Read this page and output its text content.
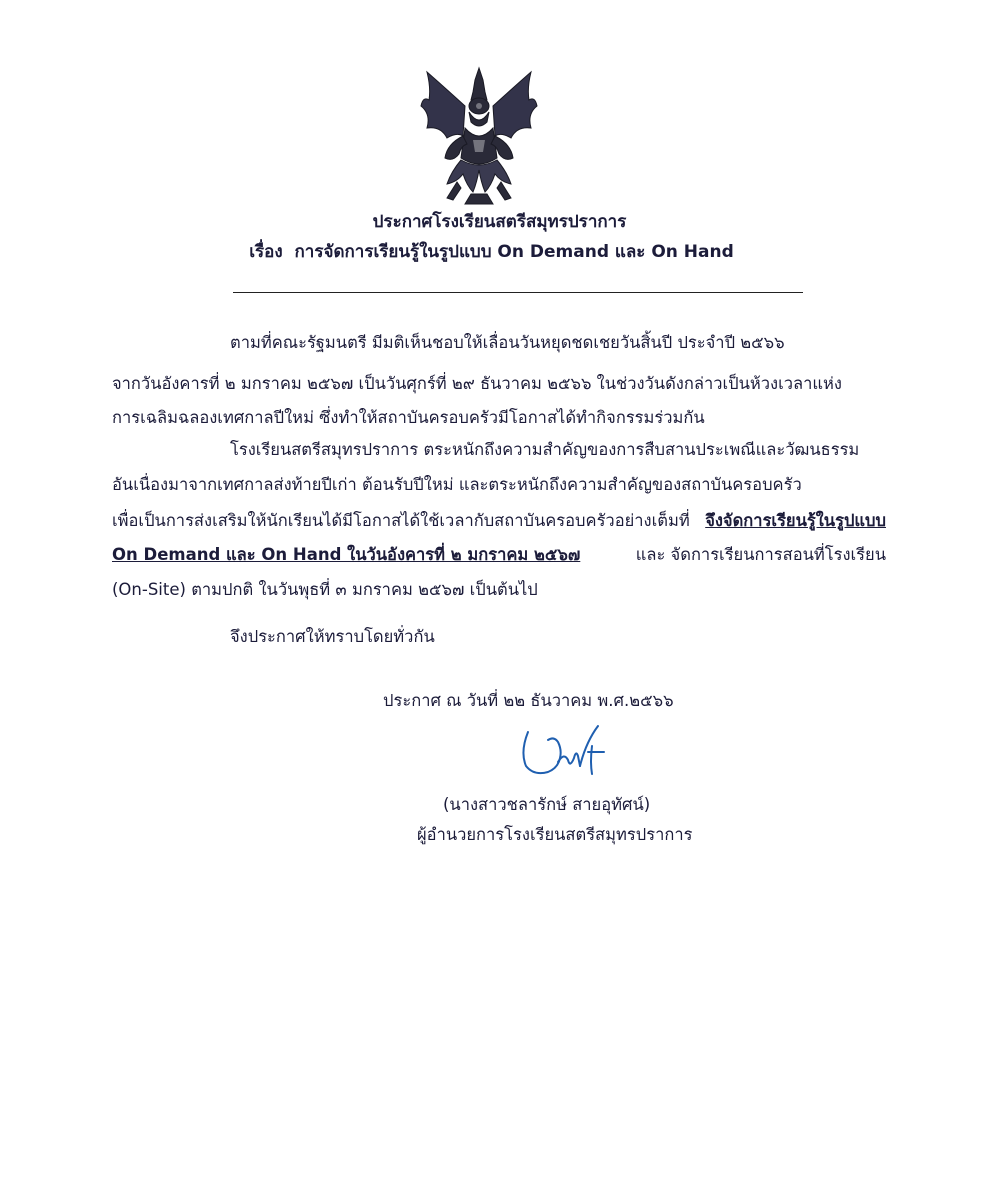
ประกาศโรงเรียนสตรีสมุทรปราการ
เรื่อง การจัดการเรียนรู้ในรูปแบบ On Demand และ On Hand
ตามที่คณะรัฐมนตรี มีมติเห็นชอบให้เลื่อนวันหยุดชดเชยวันสิ้นปี ประจำปี ๒๕๖๖
จากวันอังคารที่ ๒ มกราคม ๒๕๖๗ เป็นวันศุกร์ที่ ๒๙ ธันวาคม ๒๕๖๖ ในช่วงวันดังกล่าวเป็นห้วงเวลาแห่ง
การเฉลิมฉลองเทศกาลปีใหม่ ซึ่งทำให้สถาบันครอบครัวมีโอกาสได้ทำกิจกรรมร่วมกัน
โรงเรียนสตรีสมุทรปราการ ตระหนักถึงความสำคัญของการสืบสานประเพณีและวัฒนธรรม
อันเนื่องมาจากเทศกาลส่งท้ายปีเก่า ต้อนรับปีใหม่ และตระหนักถึงความสำคัญของสถาบันครอบครัว
เพื่อเป็นการส่งเสริมให้นักเรียนได้มีโอกาสได้ใช้เวลากับสถาบันครอบครัวอย่างเต็มที่ จึงจัดการเรียนรู้ในรูปแบบ
On Demand และ On Hand ในวันอังคารที่ ๒ มกราคม ๒๕๖๗	และ จัดการเรียนการสอนที่โรงเรียน
(On-Site) ตามปกติ ในวันพุธที่ ๓ มกราคม ๒๕๖๗ เป็นต้นไป
จึงประกาศให้ทราบโดยทั่วกัน
ประกาศ ณ วันที่ ๒๒ ธันวาคม พ.ศ.๒๕๖๖
(นางสาวชลารักษ์ สายอุทัศน์)
ผู้อำนวยการโรงเรียนสตรีสมุทรปราการ
